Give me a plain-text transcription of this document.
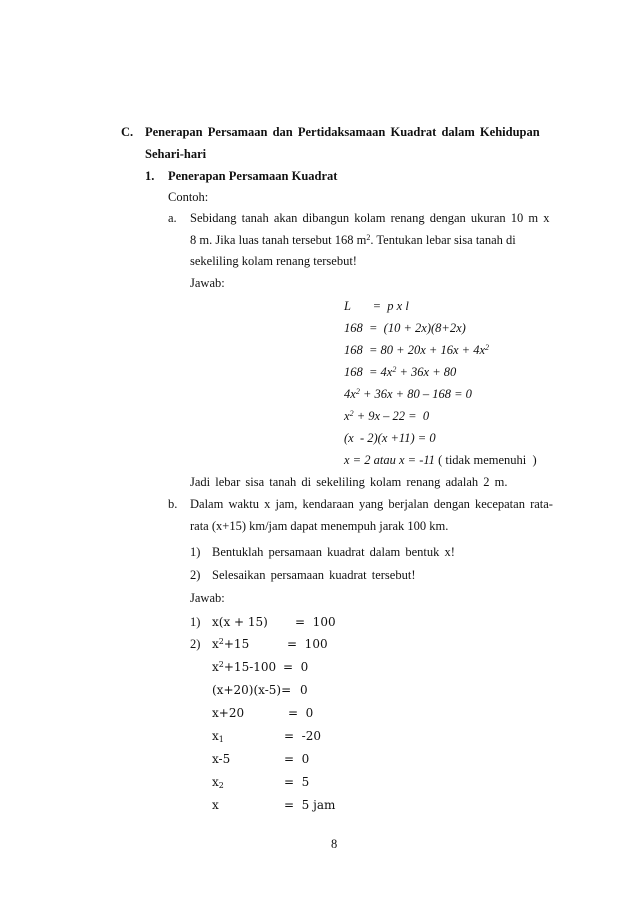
C. Penerapan Persamaan dan Pertidaksamaan Kuadrat dalam Kehidupan
Sehari-hari
1. Penerapan Persamaan Kuadrat
Contoh:
a. Sebidang tanah akan dibangun kolam renang dengan ukuran 10 m x
8 m. Jika luas tanah tersebut 168 $m^2$. Tentukan lebar sisa tanah di
sekeliling kolam renang tersebut!
Jawab:
L       =  p x l
168  =  (10 + 2x)(8+2x)
$168 = 80 + 20x + 16x + 4x^2$
$168 = 4x^2 + 36x + 80$
$4x^2 + 36x + 80 - 168 = 0$
$x^2 + 9x - 22 = 0$
(x  - 2)(x +11) = 0
x = 2 atau x = -11 ( tidak memenuhi  )
Jadi lebar sisa tanah di sekeliling kolam renang adalah 2 m.
b. Dalam waktu x jam, kendaraan yang berjalan dengan kecepatan rata-
rata (x+15) km/jam dapat menempuh jarak 100 km.
1) Bentuklah persamaan kuadrat dalam bentuk x!
2) Selesaikan persamaan kuadrat tersebut!
Jawab:
1) x(x + 15) =  100
2) $x^2+15$	=  100
$x^2+15-100 = 0$
(x+20)(x-5)= 0
x+20	=  0
$x_1$	=  -20
x-5	=  0
$x_2$	=  5
x	=  5 jam
8
